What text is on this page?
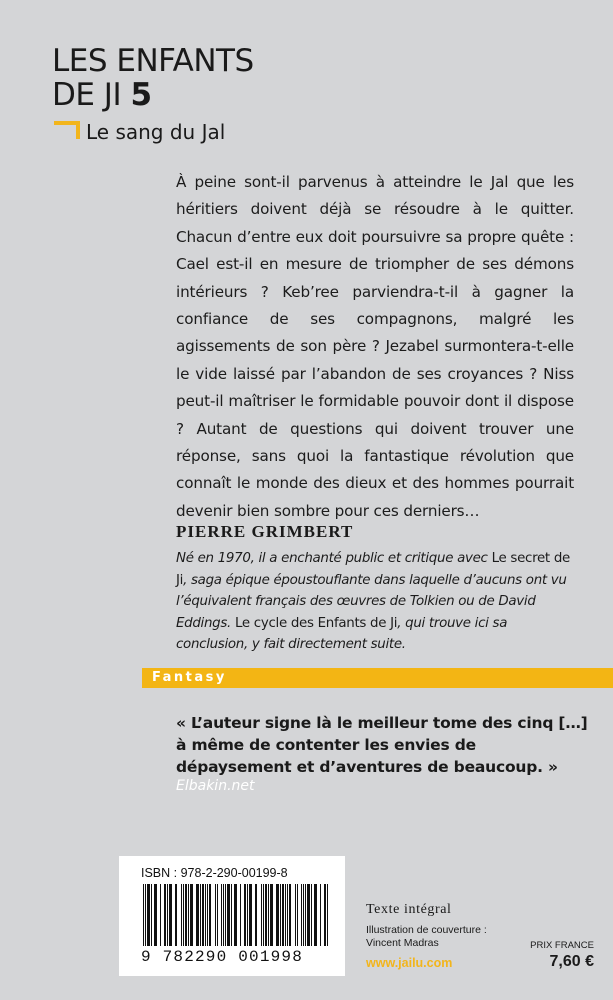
LES ENFANTS
DE JI 5
Le sang du Jal
À peine sont-il parvenus à atteindre le Jal que les héritiers doivent déjà se résoudre à le quitter. Chacun d’entre eux doit poursuivre sa propre quête : Cael est-il en mesure de triompher de ses démons intérieurs ? Keb’ree parviendra-t-il à gagner la confiance de ses compagnons, malgré les agissements de son père ? Jezabel surmontera-t-elle le vide laissé par l’abandon de ses croyances ? Niss peut-il maîtriser le formidable pouvoir dont il dispose ? Autant de questions qui doivent trouver une réponse, sans quoi la fantastique révolution que connaît le monde des dieux et des hommes pourrait devenir bien sombre pour ces derniers…
PIERRE GRIMBERT
Né en 1970, il a enchanté public et critique avec Le secret de Ji, saga épique époustouflante dans laquelle d’aucuns ont vu l’équivalent français des œuvres de Tolkien ou de David Eddings. Le cycle des Enfants de Ji, qui trouve ici sa conclusion, y fait directement suite.
Fantasy
« L’auteur signe là le meilleur tome des cinq […] à même de contenter les envies de dépaysement et d’aventures de beaucoup. »
Elbakin.net
ISBN : 978-2-290-00199-8
9 782290 001998
Texte intégral
Illustration de couverture :
Vincent Madras
www.jailu.com
PRIX FRANCE
7,60 €
